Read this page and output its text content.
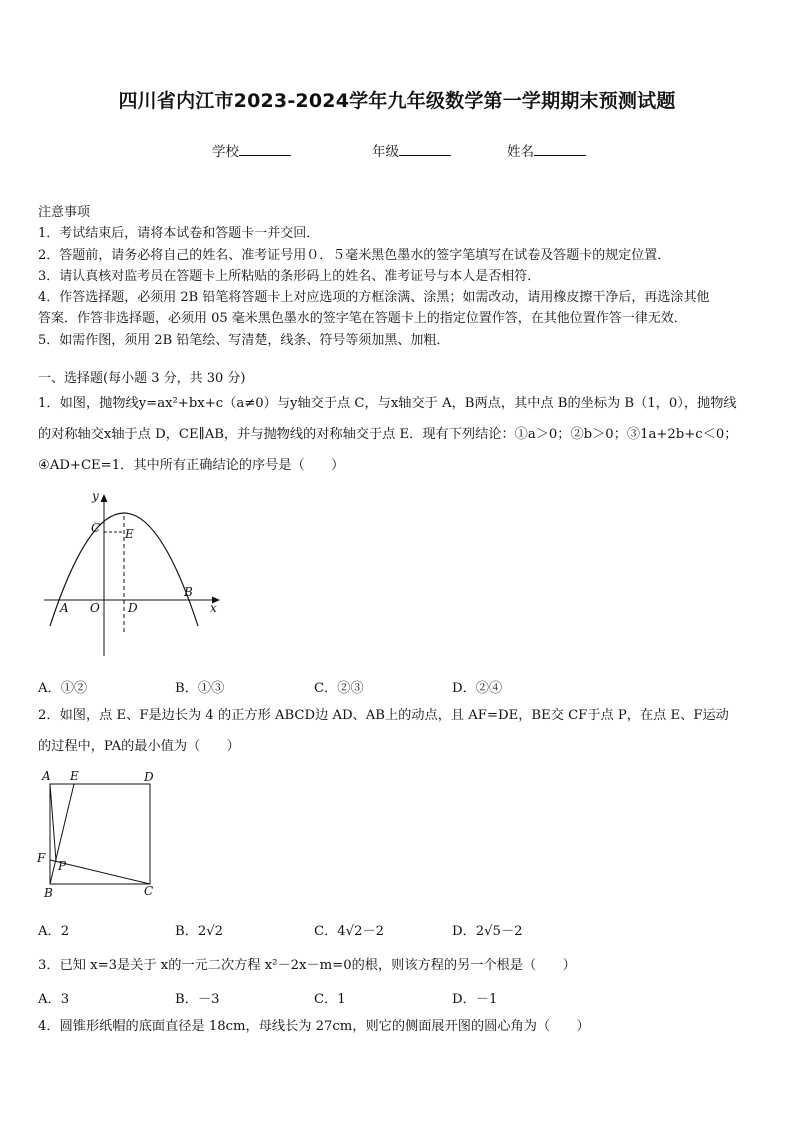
四川省内江市2023-2024学年九年级数学第一学期期末预测试题
学校	年级	姓名
注意事项
1．考试结束后，请将本试卷和答题卡一并交回．
2．答题前，请务必将自己的姓名、准考证号用０．５毫米黑色墨水的签字笔填写在试卷及答题卡的规定位置．
3．请认真核对监考员在答题卡上所粘贴的条形码上的姓名、准考证号与本人是否相符．
4．作答选择题，必须用 2B 铅笔将答题卡上对应选项的方框涂满、涂黑；如需改动，请用橡皮擦干净后，再选涂其他
答案．作答非选择题，必须用 05 毫米黑色墨水的签字笔在答题卡上的指定位置作答，在其他位置作答一律无效．
5．如需作图，须用 2B 铅笔绘、写清楚，线条、符号等须加黑、加粗．
一、选择题(每小题 3 分，共 30 分)
1．如图，抛物线y=ax²+bx+c（a≠0）与y轴交于点 C，与x轴交于 A，B两点，其中点 B的坐标为 B（1，0），抛物线
的对称轴交x轴于点 D，CE∥AB，并与抛物线的对称轴交于点 E．现有下列结论：①a＞0；②b＞0；③1a+2b+c＜0；
④AD+CE=1．其中所有正确结论的序号是（　　）
y
x
C E
A O D
B
A．①②	B．①③	C．②③	D．②④
2．如图，点 E、F是边长为 4 的正方形 ABCD边 AD、AB上的动点，且 AF=DE，BE交 CF于点 P，在点 E、F运动
的过程中，PA的最小值为（　　）
A E	D
F
P
B	C
A．2	B．2√2	C．4√2－2	D．2√5－2
3．已知 x=3是关于 x的一元二次方程 x²－2x－m=0的根，则该方程的另一个根是（　　）
A．3	B．－3	C．1	D．－1
4．圆锥形纸帽的底面直径是 18cm，母线长为 27cm，则它的侧面展开图的圆心角为（　　）
